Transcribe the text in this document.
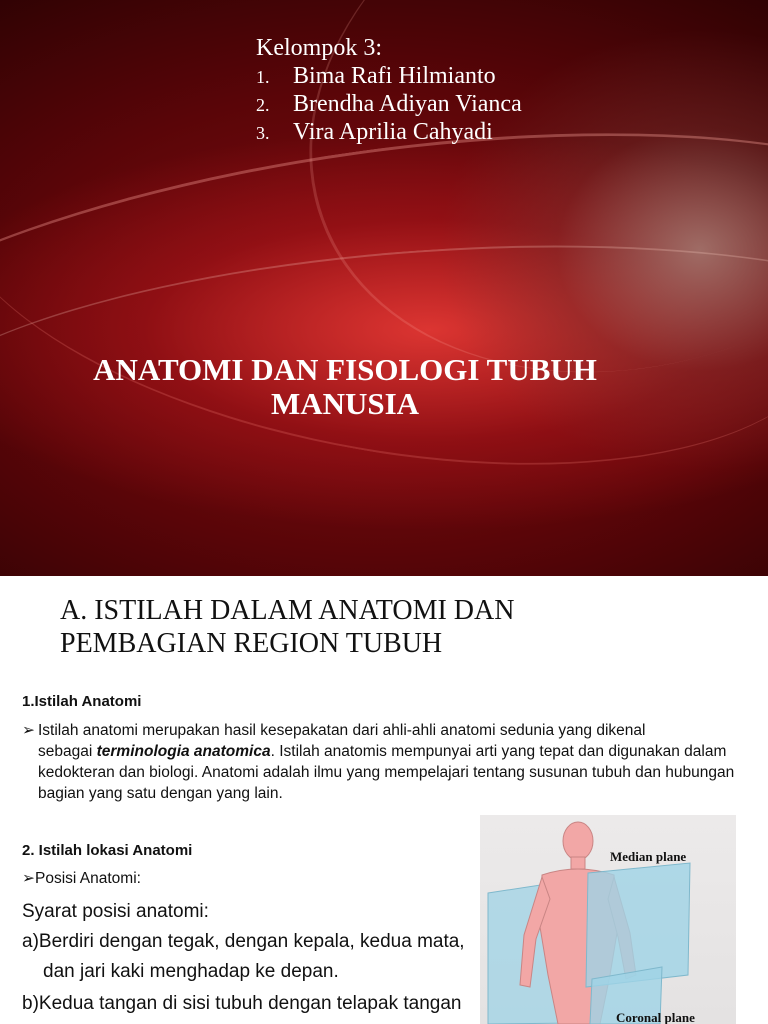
Kelompok 3:
1. Bima Rafi Hilmianto
2. Brendha Adiyan Vianca
3. Vira Aprilia Cahyadi
ANATOMI DAN FISOLOGI TUBUH
MANUSIA
A. ISTILAH DALAM ANATOMI DAN
PEMBAGIAN REGION TUBUH

1.Istilah Anatomi

➢ Istilah anatomi merupakan hasil kesepakatan dari ahli-ahli anatomi sedunia yang dikenal
sebagai terminologia anatomica. Istilah anatomis mempunyai arti yang tepat dan digunakan dalam kedokteran dan biologi. Anatomi adalah ilmu yang mempelajari tentang susunan tubuh dan hubungan bagian yang satu dengan yang lain.

2. Istilah lokasi Anatomi

➢Posisi Anatomi:

Syarat posisi anatomi:

a)Berdiri dengan tegak, dengan kepala, kedua mata,

dan jari kaki menghadap ke depan.

b)Kedua tangan di sisi tubuh dengan telapak tangan

Median plane
Coronal plane
